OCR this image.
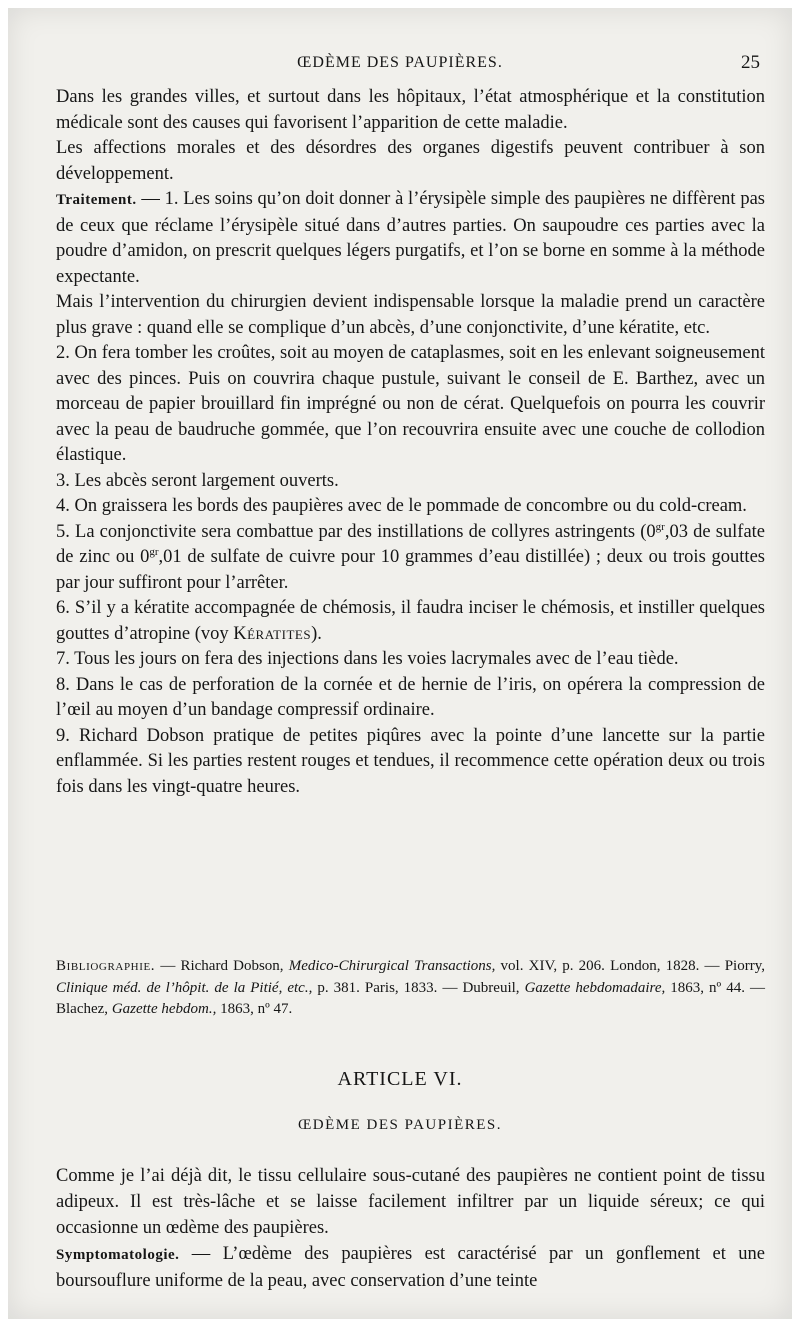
ŒDÈME DES PAUPIÈRES.	25

Dans les grandes villes, et surtout dans les hôpitaux, l’état atmosphérique et la constitution médicale sont des causes qui favorisent l’apparition de cette maladie.

Les affections morales et des désordres des organes digestifs peuvent contribuer à son développement.

Traitement. — 1. Les soins qu’on doit donner à l’érysipèle simple des paupières ne diffèrent pas de ceux que réclame l’érysipèle situé dans d’autres parties. On saupoudre ces parties avec la poudre d’amidon, on prescrit quelques légers purgatifs, et l’on se borne en somme à la méthode expectante.

Mais l’intervention du chirurgien devient indispensable lorsque la maladie prend un caractère plus grave : quand elle se complique d’un abcès, d’une conjonctivite, d’une kératite, etc.

2. On fera tomber les croûtes, soit au moyen de cataplasmes, soit en les enlevant soigneusement avec des pinces. Puis on couvrira chaque pustule, suivant le conseil de E. Barthez, avec un morceau de papier brouillard fin imprégné ou non de cérat. Quelquefois on pourra les couvrir avec la peau de baudruche gommée, que l’on recouvrira ensuite avec une couche de collodion élastique.

3. Les abcès seront largement ouverts.

4. On graissera les bords des paupières avec de le pommade de concombre ou du cold-cream.

5. La conjonctivite sera combattue par des instillations de collyres astringents ($0^{gr},03$ de sulfate de zinc ou $0^{gr},01$ de sulfate de cuivre pour 10 grammes d’eau distillée) ; deux ou trois gouttes par jour suffiront pour l’arrêter.

6. S’il y a kératite accompagnée de chémosis, il faudra inciser le chémosis, et instiller quelques gouttes d’atropine (voy Kératites).

7. Tous les jours on fera des injections dans les voies lacrymales avec de l’eau tiède.

8. Dans le cas de perforation de la cornée et de hernie de l’iris, on opérera la compression de l’œil au moyen d’un bandage compressif ordinaire.

9. Richard Dobson pratique de petites piqûres avec la pointe d’une lancette sur la partie enflammée. Si les parties restent rouges et tendues, il recommence cette opération deux ou trois fois dans les vingt-quatre heures.

Bibliographie. — Richard Dobson, Medico-Chirurgical Transactions, vol. XIV, p. 206. London, 1828. — Piorry, Clinique méd. de l’hôpit. de la Pitié, etc., p. 381. Paris, 1833. — Dubreuil, Gazette hebdomadaire, 1863, nº 44. — Blachez, Gazette hebdom., 1863, nº 47.

ARTICLE VI.
ŒDÈME DES PAUPIÈRES.

Comme je l’ai déjà dit, le tissu cellulaire sous-cutané des paupières ne contient point de tissu adipeux. Il est très-lâche et se laisse facilement infiltrer par un liquide séreux; ce qui occasionne un œdème des paupières.

Symptomatologie. — L’œdème des paupières est caractérisé par un gonflement et une boursouflure uniforme de la peau, avec conservation d’une teinte
